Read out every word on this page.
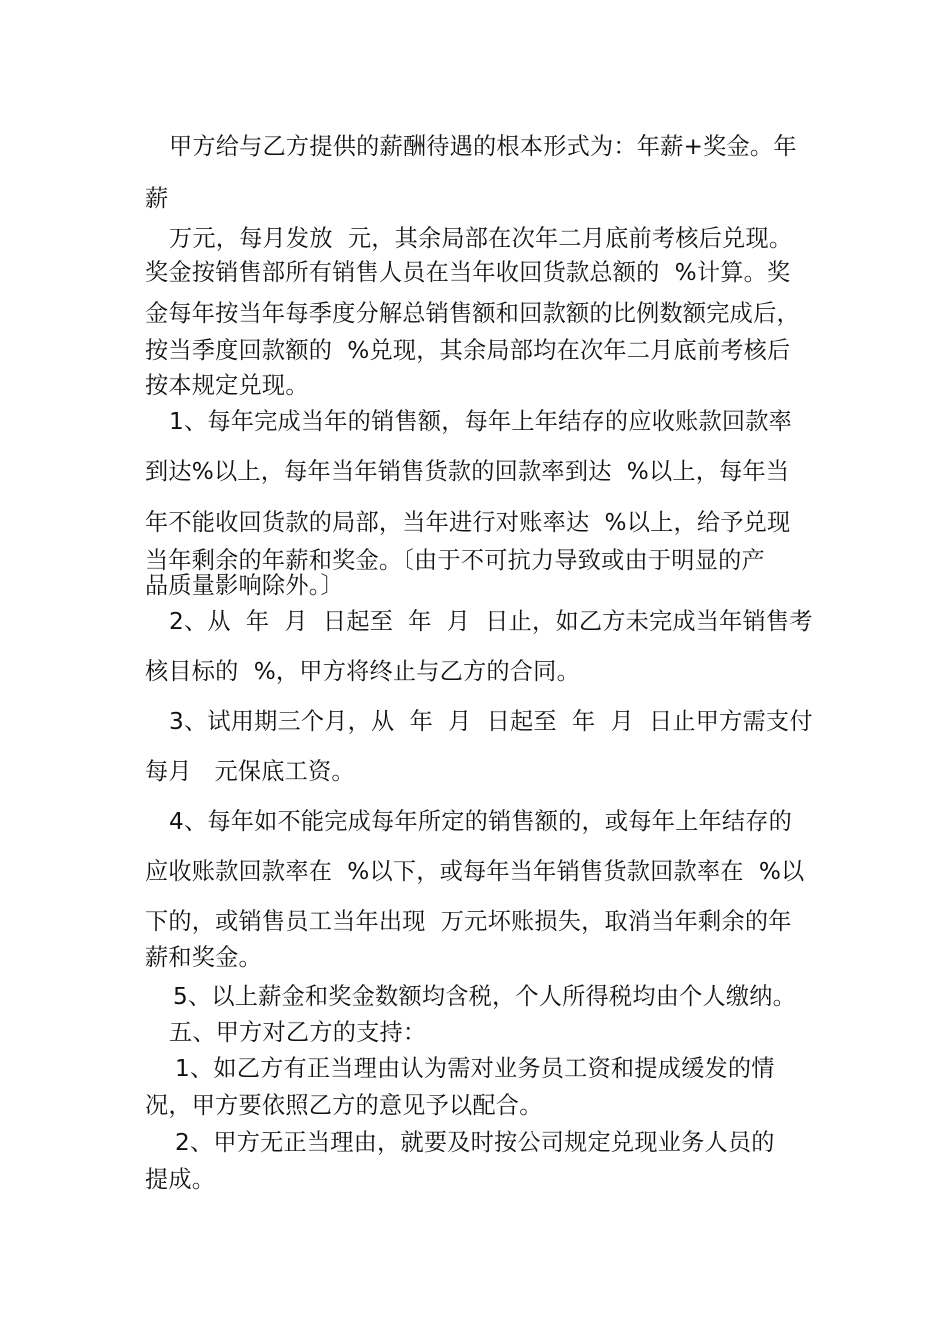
甲方给与乙方提供的薪酬待遇的根本形式为：年薪+奖金。年
薪
万元，每月发放  元，其余局部在次年二月底前考核后兑现。
奖金按销售部所有销售人员在当年收回货款总额的  %计算。奖
金每年按当年每季度分解总销售额和回款额的比例数额完成后，
按当季度回款额的  %兑现，其余局部均在次年二月底前考核后
按本规定兑现。
1、每年完成当年的销售额，每年上年结存的应收账款回款率
到达%以上，每年当年销售货款的回款率到达  %以上，每年当
年不能收回货款的局部，当年进行对账率达  %以上，给予兑现
当年剩余的年薪和奖金。〔由于不可抗力导致或由于明显的产
品质量影响除外。〕
2、从  年  月  日起至  年  月  日止，如乙方未完成当年销售考
核目标的  %，甲方将终止与乙方的合同。
3、试用期三个月，从  年  月  日起至  年  月  日止甲方需支付
每月   元保底工资。
4、每年如不能完成每年所定的销售额的，或每年上年结存的
应收账款回款率在  %以下，或每年当年销售货款回款率在  %以
下的，或销售员工当年出现  万元坏账损失，取消当年剩余的年
薪和奖金。
5、以上薪金和奖金数额均含税，个人所得税均由个人缴纳。
五、甲方对乙方的支持：
1、如乙方有正当理由认为需对业务员工资和提成缓发的情
况，甲方要依照乙方的意见予以配合。
2、甲方无正当理由，就要及时按公司规定兑现业务人员的
提成。
